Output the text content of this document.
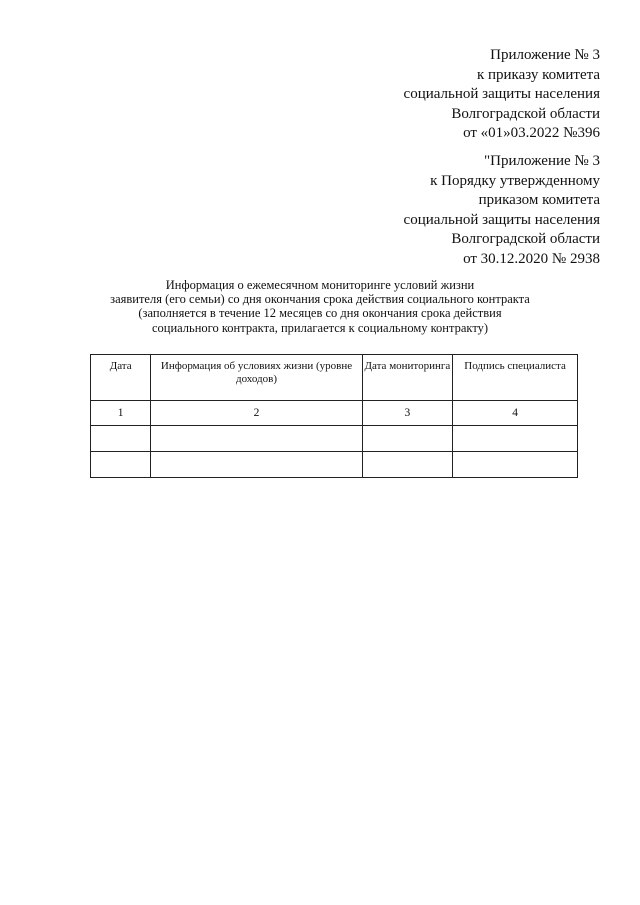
Приложение № 3
к приказу комитета
социальной защиты населения
Волгоградской области
от «01»03.2022 №396
"Приложение № 3
к Порядку утвержденному
приказом комитета
социальной защиты населения
Волгоградской области
от 30.12.2020 № 2938
Информация о ежемесячном мониторинге условий жизни
заявителя (его семьи) со дня окончания срока действия социального контракта
(заполняется в течение 12 месяцев со дня окончания срока действия
социального контракта, прилагается к социальному контракту)
Дата	Информация об условиях жизни (уровне доходов)	Дата мониторинга	Подпись специалиста
1	2	3	4
